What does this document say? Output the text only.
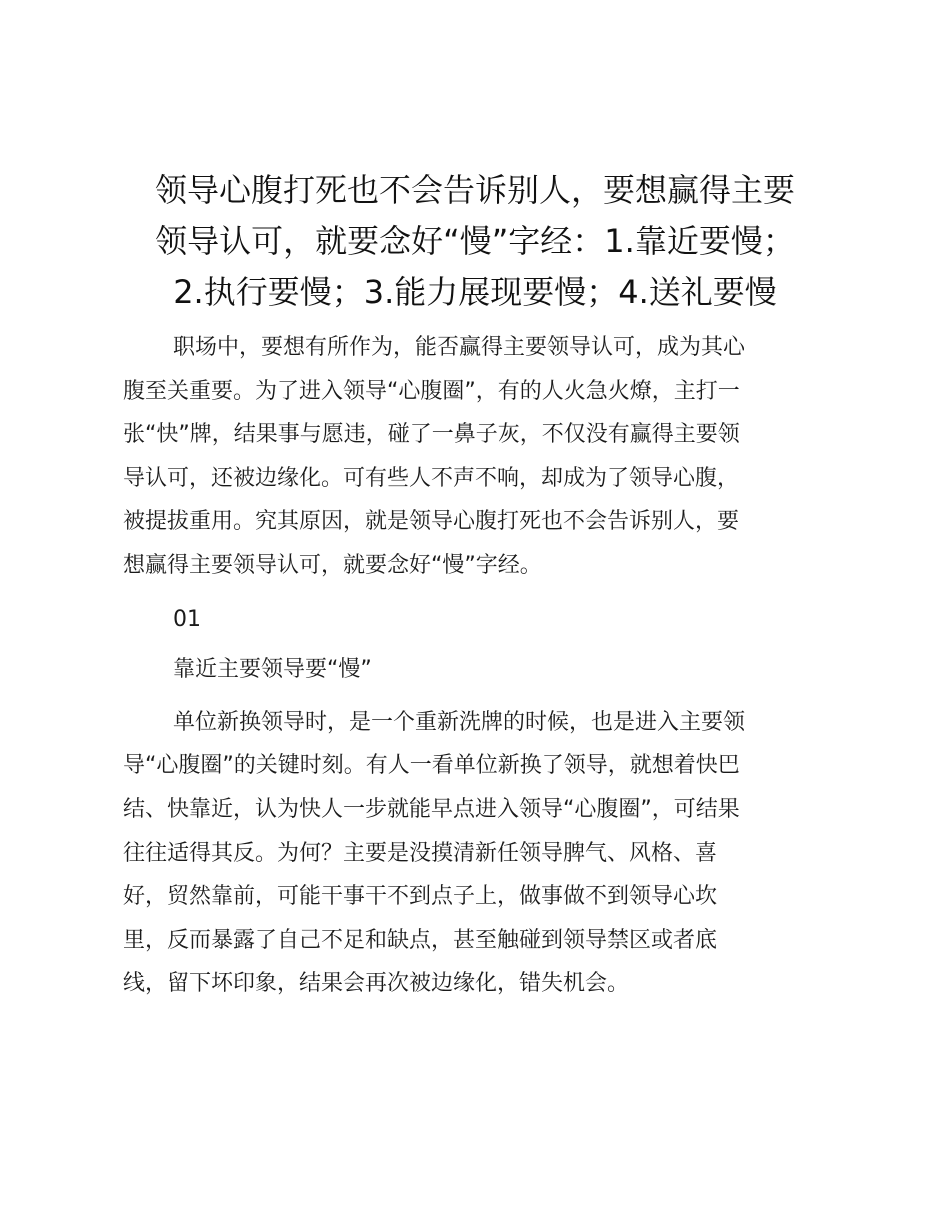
领导心腹打死也不会告诉别人，要想赢得主要
领导认可，就要念好“慢”字经：1.靠近要慢；
2.执行要慢；3.能力展现要慢；4.送礼要慢

职场中，要想有所作为，能否赢得主要领导认可，成为其心
腹至关重要。为了进入领导“心腹圈”，有的人火急火燎，主打一
张“快”牌，结果事与愿违，碰了一鼻子灰，不仅没有赢得主要领
导认可，还被边缘化。可有些人不声不响，却成为了领导心腹，
被提拔重用。究其原因，就是领导心腹打死也不会告诉别人，要
想赢得主要领导认可，就要念好“慢”字经。

01

靠近主要领导要“慢”

单位新换领导时，是一个重新洗牌的时候，也是进入主要领
导“心腹圈”的关键时刻。有人一看单位新换了领导，就想着快巴
结、快靠近，认为快人一步就能早点进入领导“心腹圈”，可结果
往往适得其反。为何？主要是没摸清新任领导脾气、风格、喜
好，贸然靠前，可能干事干不到点子上，做事做不到领导心坎
里，反而暴露了自己不足和缺点，甚至触碰到领导禁区或者底
线，留下坏印象，结果会再次被边缘化，错失机会。
